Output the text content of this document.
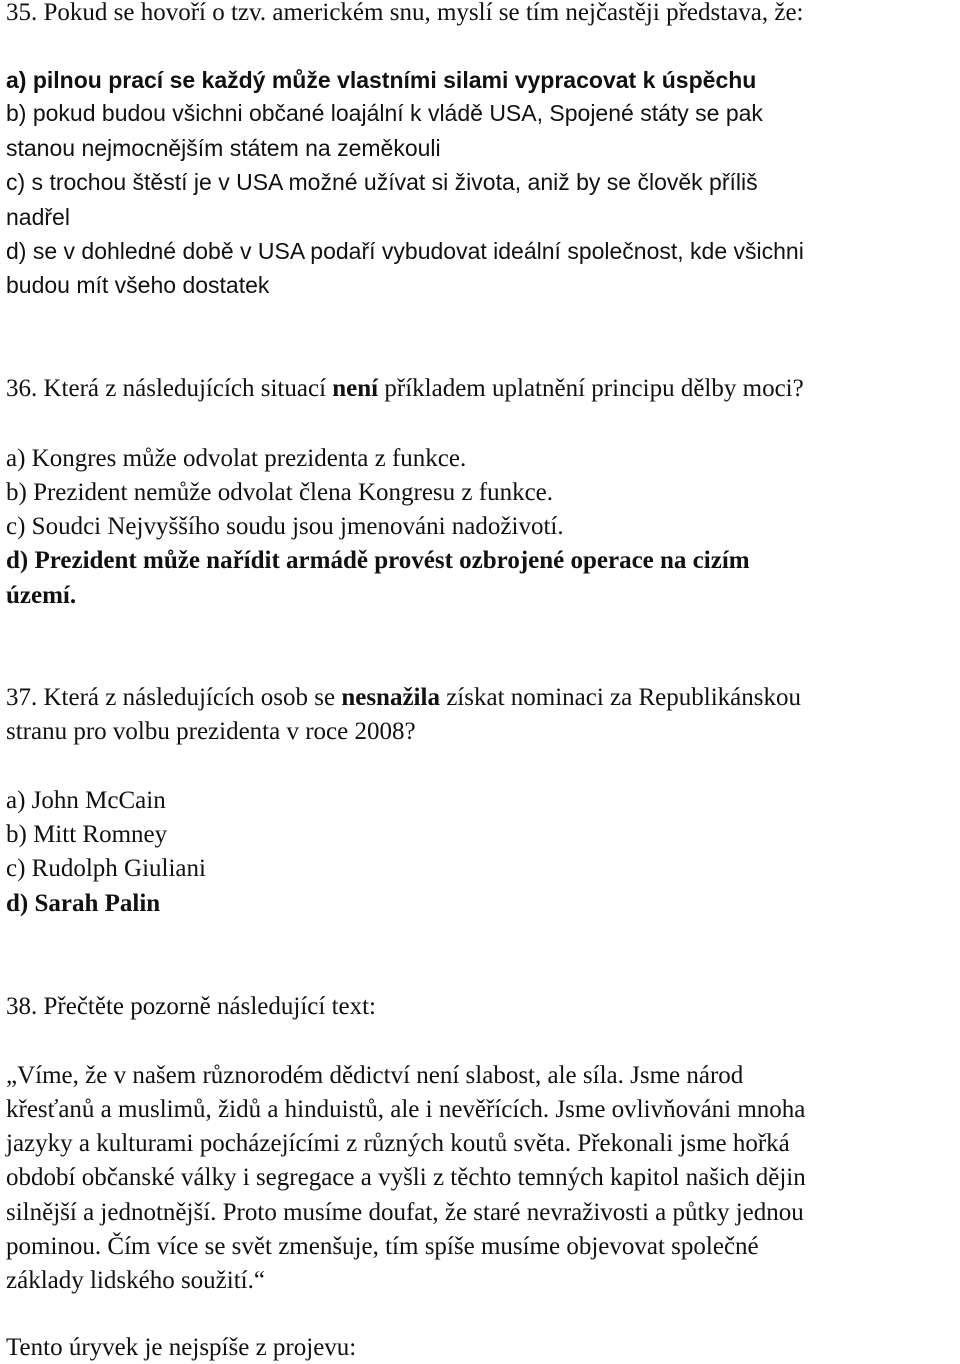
35. Pokud se hovoří o tzv. americkém snu, myslí se tím nejčastěji představa, že:
a) pilnou prací se každý může vlastními silami vypracovat k úspěchu
b) pokud budou všichni občané loajální k vládě USA, Spojené státy se pak
stanou nejmocnějším státem na zeměkouli
c) s trochou štěstí je v USA možné užívat si života, aniž by se člověk příliš
nadřel
d) se v dohledné době v USA podaří vybudovat ideální společnost, kde všichni
budou mít všeho dostatek
36. Která z následujících situací není příkladem uplatnění principu dělby moci?
a) Kongres může odvolat prezidenta z funkce.
b) Prezident nemůže odvolat člena Kongresu z funkce.
c) Soudci Nejvyššího soudu jsou jmenováni nadoživotí.
d) Prezident může nařídit armádě provést ozbrojené operace na cizím
území.
37. Která z následujících osob se nesnažila získat nominaci za Republikánskou
stranu pro volbu prezidenta v roce 2008?
a) John McCain
b) Mitt Romney
c) Rudolph Giuliani
d) Sarah Palin
38. Přečtěte pozorně následující text:
„Víme, že v našem různorodém dědictví není slabost, ale síla. Jsme národ
křesťanů a muslimů, židů a hinduistů, ale i nevěřících. Jsme ovlivňováni mnoha
jazyky a kulturami pocházejícími z různých koutů světa. Překonali jsme hořká
období občanské války i segregace a vyšli z těchto temných kapitol našich dějin
silnější a jednotnější. Proto musíme doufat, že staré nevraživosti a půtky jednou
pominou. Čím více se svět zmenšuje, tím spíše musíme objevovat společné
základy lidského soužití.“
Tento úryvek je nejspíše z projevu:
